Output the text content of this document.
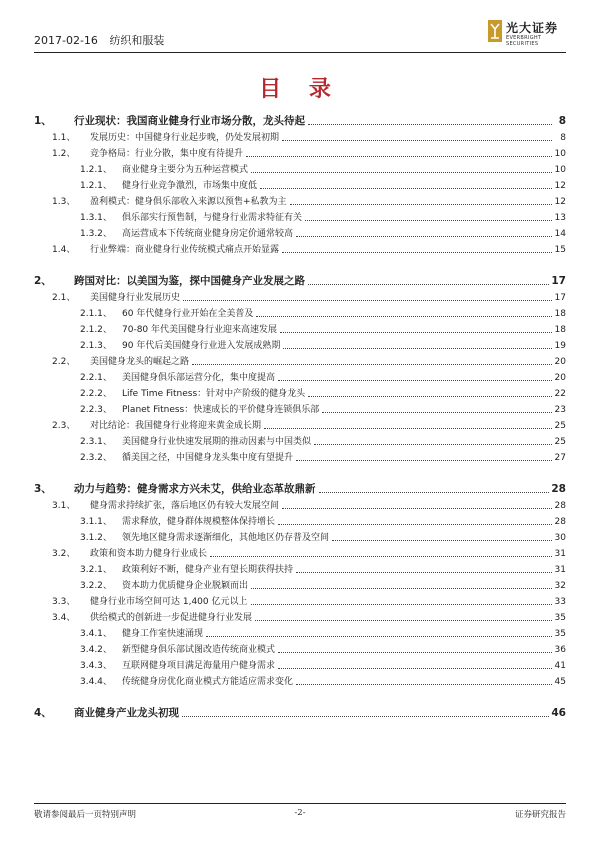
2017-02-16 纺织和服装
光大证券
EVERBRIGHT SECURITIES
目 录
1、	行业现状：我国商业健身行业市场分散，龙头待起	8
1.1、	发展历史：中国健身行业起步晚，仍处发展初期	8
1.2、	竞争格局：行业分散，集中度有待提升	10
1.2.1、	商业健身主要分为五种运营模式	10
1.2.1、	健身行业竞争激烈，市场集中度低	12
1.3、	盈利模式：健身俱乐部收入来源以预售+私教为主	12
1.3.1、	俱乐部实行预售制，与健身行业需求特征有关	13
1.3.2、	高运营成本下传统商业健身房定价通常较高	14
1.4、	行业弊端：商业健身行业传统模式痛点开始显露	15
2、	跨国对比：以美国为鉴，探中国健身产业发展之路	17
2.1、	美国健身行业发展历史	17
2.1.1、	60 年代健身行业开始在全美普及	18
2.1.2、	70-80 年代美国健身行业迎来高速发展	18
2.1.3、	90 年代后美国健身行业进入发展成熟期	19
2.2、	美国健身龙头的崛起之路	20
2.2.1、	美国健身俱乐部运营分化，集中度提高	20
2.2.2、	Life Time Fitness：针对中产阶级的健身龙头	22
2.2.3、	Planet Fitness：快速成长的平价健身连锁俱乐部	23
2.3、	对比结论：我国健身行业将迎来黄金成长期	25
2.3.1、	美国健身行业快速发展期的推动因素与中国类似	25
2.3.2、	循美国之径，中国健身龙头集中度有望提升	27
3、	动力与趋势：健身需求方兴未艾，供给业态革故鼎新	28
3.1、	健身需求持续扩张，落后地区仍有较大发展空间	28
3.1.1、	需求释放，健身群体规模整体保持增长	28
3.1.2、	领先地区健身需求逐渐细化，其他地区仍存普及空间	30
3.2、	政策和资本助力健身行业成长	31
3.2.1、	政策利好不断，健身产业有望长期获得扶持	31
3.2.2、	资本助力优质健身企业脱颖而出	32
3.3、	健身行业市场空间可达 1,400 亿元以上	33
3.4、	供给模式的创新进一步促进健身行业发展	35
3.4.1、	健身工作室快速涌现	35
3.4.2、	新型健身俱乐部试图改造传统商业模式	36
3.4.3、	互联网健身项目满足海量用户健身需求	41
3.4.4、	传统健身房优化商业模式方能适应需求变化	45
4、	商业健身产业龙头初现	46
敬请参阅最后一页特别声明	-2-	证券研究报告
